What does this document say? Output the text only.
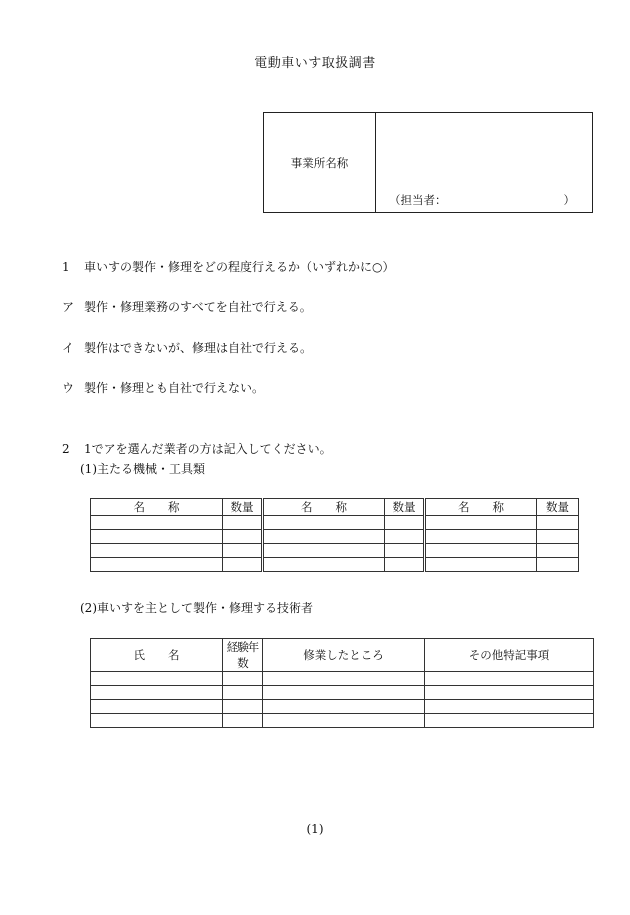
電動車いす取扱調書
事業所名称
（担当者：	）
1 車いすの製作・修理をどの程度行えるか（いずれかに○）
ア 製作・修理業務のすべてを自社で行える。
イ 製作はできないが、修理は自社で行える。
ウ 製作・修理とも自社で行えない。
2 1でアを選んだ業者の方は記入してください。
(1)主たる機械・工具類
名　　称	数量	名　　称	数量	名　　称	数量

(2)車いすを主として製作・修理する技術者
氏　　名	経験年数	修業したところ	その他特記事項

(1)
